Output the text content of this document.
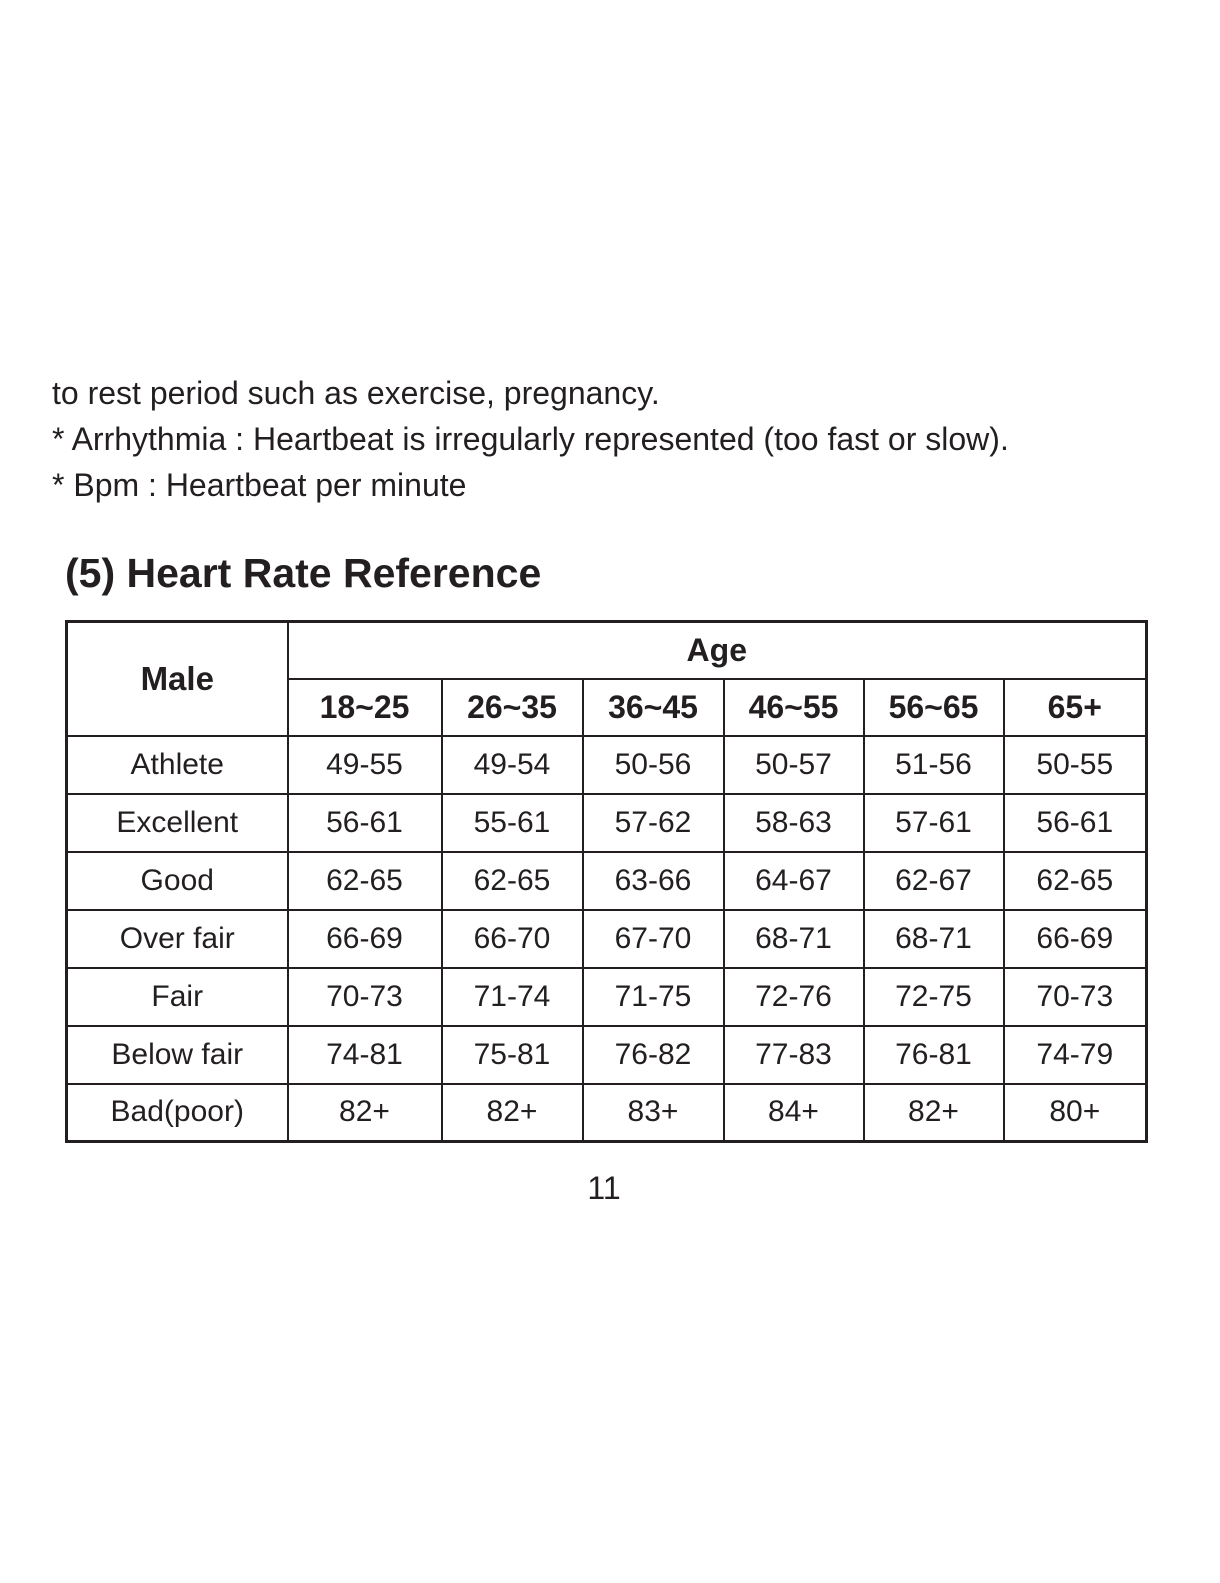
to rest period such as exercise, pregnancy.
* Arrhythmia : Heartbeat is irregularly represented (too fast or slow).
* Bpm : Heartbeat per minute
(5) Heart Rate Reference
Male	Age					
	18~25	26~35	36~45	46~55	56~65	65+
Athlete	49-55	49-54	50-56	50-57	51-56	50-55
Excellent	56-61	55-61	57-62	58-63	57-61	56-61
Good	62-65	62-65	63-66	64-67	62-67	62-65
Over fair	66-69	66-70	67-70	68-71	68-71	66-69
Fair	70-73	71-74	71-75	72-76	72-75	70-73
Below fair	74-81	75-81	76-82	77-83	76-81	74-79
Bad(poor)	82+	82+	83+	84+	82+	80+
11
